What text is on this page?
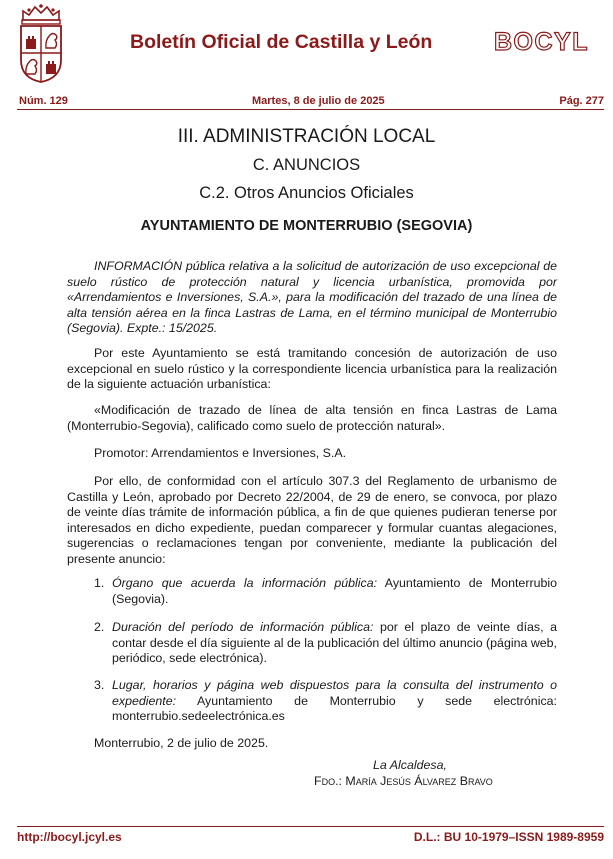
Boletín Oficial de Castilla y León BOCYL
Núm. 129	Martes, 8 de julio de 2025	Pág. 277
III. ADMINISTRACIÓN LOCAL
C. ANUNCIOS
C.2. Otros Anuncios Oficiales
AYUNTAMIENTO DE MONTERRUBIO (SEGOVIA)

INFORMACIÓN pública relativa a la solicitud de autorización de uso excepcional de suelo rústico de protección natural y licencia urbanística, promovida por «Arrendamientos e Inversiones, S.A.», para la modificación del trazado de una línea de alta tensión aérea en la finca Lastras de Lama, en el término municipal de Monterrubio (Segovia). Expte.: 15/2025.

Por este Ayuntamiento se está tramitando concesión de autorización de uso excepcional en suelo rústico y la correspondiente licencia urbanística para la realización de la siguiente actuación urbanística:

«Modificación de trazado de línea de alta tensión en finca Lastras de Lama (Monterrubio-Segovia), calificado como suelo de protección natural».

Promotor: Arrendamientos e Inversiones, S.A.

Por ello, de conformidad con el artículo 307.3 del Reglamento de urbanismo de Castilla y León, aprobado por Decreto 22/2004, de 29 de enero, se convoca, por plazo de veinte días trámite de información pública, a fin de que quienes pudieran tenerse por interesados en dicho expediente, puedan comparecer y formular cuantas alegaciones, sugerencias o reclamaciones tengan por conveniente, mediante la publicación del presente anuncio:

1. Órgano que acuerda la información pública: Ayuntamiento de Monterrubio (Segovia).
2. Duración del período de información pública: por el plazo de veinte días, a contar desde el día siguiente al de la publicación del último anuncio (página web, periódico, sede electrónica).
3. Lugar, horarios y página web dispuestos para la consulta del instrumento o expediente: Ayuntamiento de Monterrubio y sede electrónica: monterrubio.sedeelectrónica.es
Monterrubio, 2 de julio de 2025.
La Alcaldesa,
Fdo.: María Jesús Álvarez Bravo
http://bocyl.jcyl.es	D.L.: BU 10-1979–ISSN 1989-8959
